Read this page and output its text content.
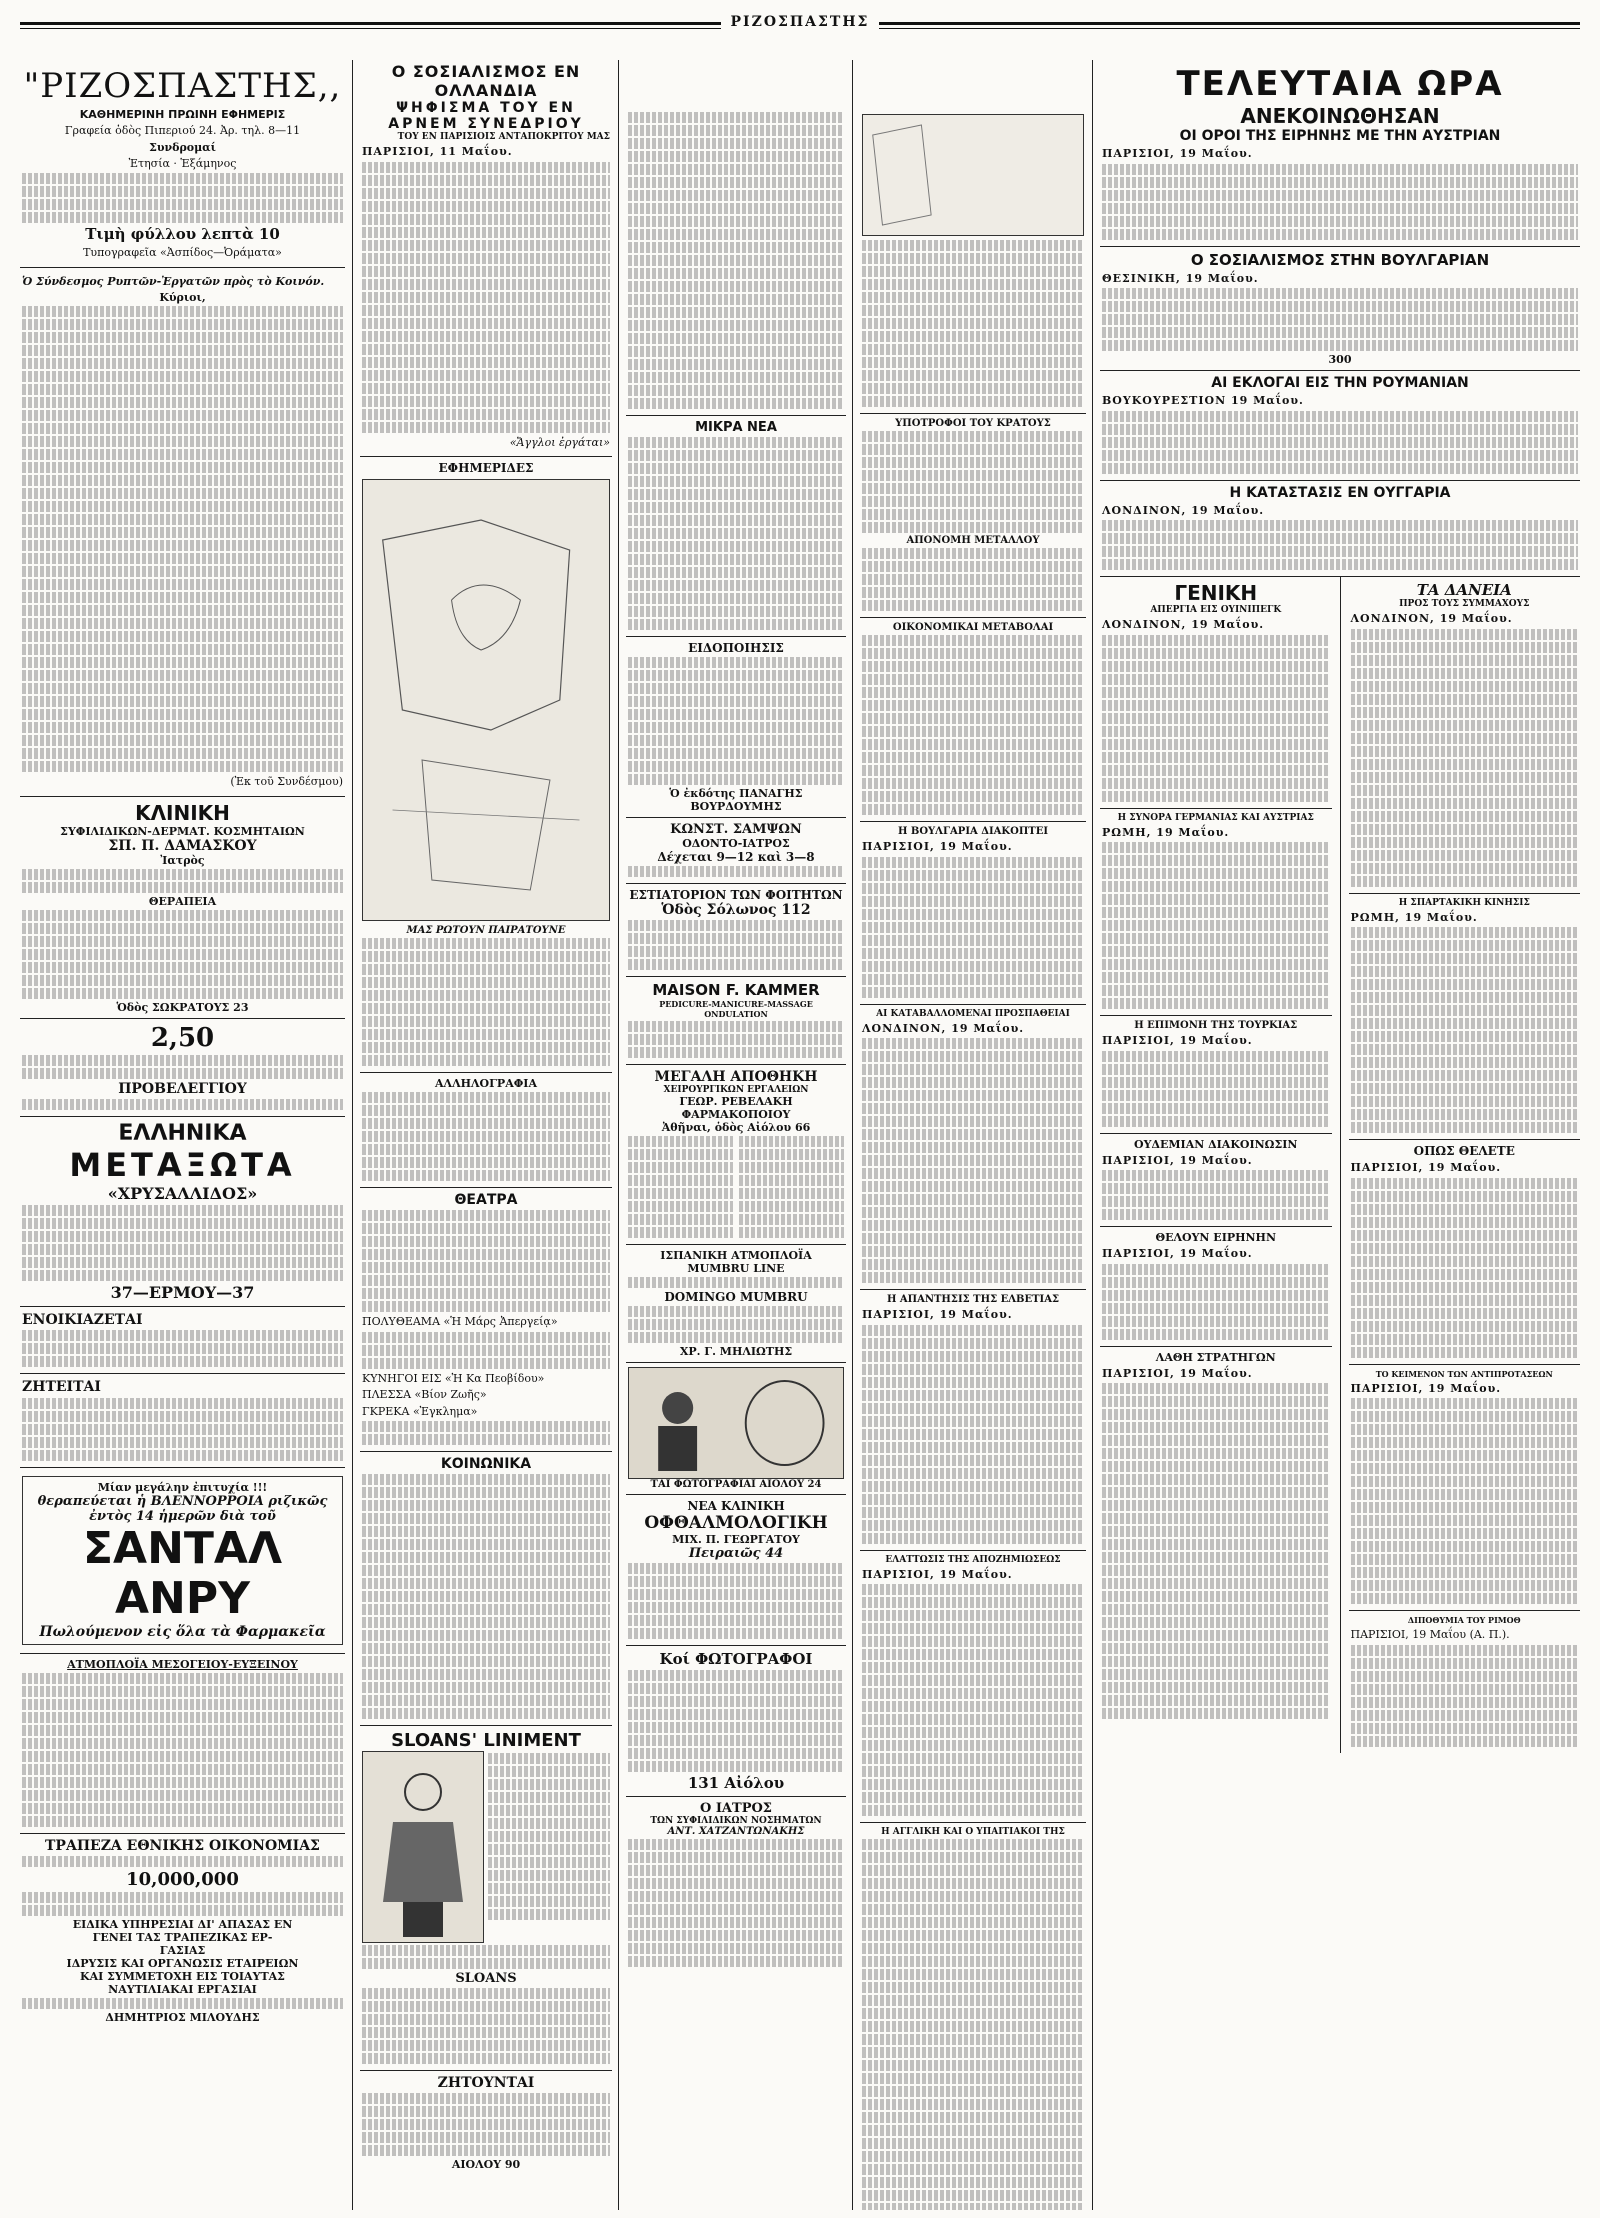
ΡΙΖΟΣΠΑΣΤΗΣ
"ΡΙΖΟΣΠΑΣΤΗΣ,,
ΚΑΘΗΜΕΡΙΝΗ ΠΡΩΙΝΗ ΕΦΗΜΕΡΙΣ
Γραφεία ὁδὸς Πιπεριού 24. Ἀρ. τηλ. 8—11
Συνδρομαί
Ἐτησία · Ἑξάμηνος
Τιμὴ φύλλου λεπτὰ 10
Τυπογραφεῖα «Ἀσπίδος—Ὀράματα»
Ὁ Σύνδεσμος Ρυπτῶν-Ἐργατῶν πρὸς τὸ Κοινόν.
Κύριοι,
(Ἐκ τοῦ Συνδέσμου)
ΚΛΙΝΙΚΗ
ΣΥΦΙΛΙΔΙΚΩΝ-ΔΕΡΜΑΤ. ΚΟΣΜΗΤΑΙΩΝ
ΣΠ. Π. ΔΑΜΑΣΚΟΥ
Ἰατρὸς
ΘΕΡΑΠΕΙΑ
Ὁδὸς ΣΩΚΡΑΤΟΥΣ 23
2,50
ΠΡΟΒΕΛΕΓΓΙΟΥ
ΕΛΛΗΝΙΚΑ
ΜΕΤΑΞΩΤΑ
«ΧΡΥΣΑΛΛΙΔΟΣ»
37—ΕΡΜΟΥ—37
ΕΝΟΙΚΙΑΖΕΤΑΙ
ΖΗΤΕΙΤΑΙ
Μίαν μεγάλην ἐπιτυχία !!!
θεραπεύεται ἡ ΒΛΕΝΝΟΡΡΟΙΑ ριζικῶς ἐντὸς 14 ἡμερῶν διὰ τοῦ
ΣΑΝΤΑΛ ΑΝΡΥ
Πωλούμενον εἰς ὅλα τὰ Φαρμακεῖα
ΑΤΜΟΠΛΟΪΑ ΜΕΣΟΓΕΙΟΥ-ΕΥΞΕΙΝΟΥ
ΤΡΑΠΕΖΑ ΕΘΝΙΚΗΣ ΟΙΚΟΝΟΜΙΑΣ
10,000,000
ΕΙΔΙΚΑ ΥΠΗΡΕΣΙΑΙ ΔΙ' ΑΠΑΣΑΣ ΕΝ
ΓΕΝΕΙ ΤΑΣ ΤΡΑΠΕΖΙΚΑΣ ΕΡ-
ΓΑΣΙΑΣ
ΙΔΡΥΣΙΣ ΚΑΙ ΟΡΓΑΝΩΣΙΣ ΕΤΑΙΡΕΙΩΝ
ΚΑΙ ΣΥΜΜΕΤΟΧΗ ΕΙΣ ΤΟΙΑΥΤΑΣ
ΝΑΥΤΙΛΙΑΚΑΙ ΕΡΓΑΣΙΑΙ
ΔΗΜΗΤΡΙΟΣ ΜΙΛΟΥΔΗΣ
Ο ΣΟΣΙΑΛΙΣΜΟΣ ΕΝ ΟΛΛΑΝΔΙΑ
ΨΗΦΙΣΜΑ ΤΟΥ ΕΝ ΑΡΝΕΜ ΣΥΝΕΔΡΙΟΥ
ΤΟΥ ΕΝ ΠΑΡΙΣΙΟΙΣ ΑΝΤΑΠΟΚΡΙΤΟΥ ΜΑΣ
ΠΑΡΙΣΙΟΙ, 11 Μαΐου.
«Ἄγγλοι ἐργάται»
ΕΦΗΜΕΡΙΔΕΣ
ΜΑΣ ΡΩΤΟΥΝ ΠΑΙΡΑΤΟΥΝΕ
ΑΛΛΗΛΟΓΡΑΦΙΑ
ΘΕΑΤΡΑ
ΠΟΛΥΘΕΑΜΑ «Ἡ Μάρς Ἀπεργείᾳ»
ΚΥΝΗΓΟΙ ΕΙΣ «Ἡ Κα Πεοβίδου»
ΠΛΕΣΣΑ «Βίον Ζωῆς»
ΓΚΡΕΚΑ «Ἐγκλημα»
ΚΟΙΝΩΝΙΚΑ
SLOANS' LINIMENT
SLOANS
ΖΗΤΟΥΝΤΑΙ
ΑΙΟΛΟΥ 90
ΜΙΚΡΑ ΝΕΑ
ΕΙΔΟΠΟΙΗΣΙΣ
Ὁ ἐκδότης ΠΑΝΑΓΗΣ ΒΟΥΡΔΟΥΜΗΣ
ΚΩΝΣΤ. ΣΑΜΨΩΝ
ΟΔΟΝΤΟ-ΙΑΤΡΟΣ
Δέχεται 9—12 καὶ 3—8
ΕΣΤΙΑΤΟΡΙΟΝ ΤΩΝ ΦΟΙΤΗΤΩΝ
Ὁδὸς Σόλωνος 112
MAISON F. KAMMER
PEDICURE-MANICURE-MASSAGE ONDULATION
ΜΕΓΑΛΗ ΑΠΟΘΗΚΗ
ΧΕΙΡΟΥΡΓΙΚΩΝ ΕΡΓΑΛΕΙΩΝ
ΓΕΩΡ. ΡΕΒΕΛΑΚΗ
ΦΑΡΜΑΚΟΠΟΙΟΥ
Ἀθῆναι, ὁδὸς Αἰόλου 66
ΙΣΠΑΝΙΚΗ ΑΤΜΟΠΛΟΪΑ MUMBRU LINE
DOMINGO MUMBRU
ΧΡ. Γ. ΜΗΛΙΩΤΗΣ
ΤΑΙ ΦΩΤΟΓΡΑΦΙΑΙ ΑΙΟΛΟΥ 24
ΝΕΑ ΚΛΙΝΙΚΗ
ΟΦΘΑΛΜΟΛΟΓΙΚΗ
ΜΙΧ. Π. ΓΕΩΡΓΑΤΟΥ
Πειραιῶς 44
Κοί ΦΩΤΟΓΡΑΦΟΙ
131 Αἰόλου
Ο ΙΑΤΡΟΣ
ΤΩΝ ΣΥΦΙΛΙΔΙΚΩΝ ΝΟΣΗΜΑΤΩΝ
ΑΝΤ. ΧΑΤΖΑΝΤΩΝΑΚΗΣ
ΥΠΟΤΡΟΦΟΙ ΤΟΥ ΚΡΑΤΟΥΣ
ΑΠΟΝΟΜΗ ΜΕΤΑΛΛΟΥ
ΟΙΚΟΝΟΜΙΚΑΙ ΜΕΤΑΒΟΛΑΙ
Η ΒΟΥΛΓΑΡΙΑ ΔΙΑΚΟΠΤΕΙ
ΠΑΡΙΣΙΟΙ, 19 Μαΐου.
ΑΙ ΚΑΤΑΒΑΛΛΟΜΕΝΑΙ ΠΡΟΣΠΑΘΕΙΑΙ
ΛΟΝΔΙΝΟΝ, 19 Μαΐου.
Η ΑΠΑΝΤΗΣΙΣ ΤΗΣ ΕΛΒΕΤΙΑΣ
ΠΑΡΙΣΙΟΙ, 19 Μαΐου.
ΕΛΑΤΤΩΣΙΣ ΤΗΣ ΑΠΟΖΗΜΙΩΣΕΩΣ
ΠΑΡΙΣΙΟΙ, 19 Μαΐου.
Η ΑΓΓΛΙΚΗ ΚΑΙ Ο ΥΠΑΙΤΙΑΚΟΙ ΤΗΣ
ΤΕΛΕΥΤΑΙΑ ΩΡΑ
ΑΝΕΚΟΙΝΩΘΗΣΑΝ
ΟΙ ΟΡΟΙ ΤΗΣ ΕΙΡΗΝΗΣ ΜΕ ΤΗΝ ΑΥΣΤΡΙΑΝ
ΠΑΡΙΣΙΟΙ, 19 Μαΐου.
Ο ΣΟΣΙΑΛΙΣΜΟΣ ΣΤΗΝ ΒΟΥΛΓΑΡΙΑΝ
ΘΕΣΙΝΙΚΗ, 19 Μαΐου.
300
ΑΙ ΕΚΛΟΓΑΙ ΕΙΣ ΤΗΝ ΡΟΥΜΑΝΙΑΝ
ΒΟΥΚΟΥΡΕΣΤΙΟΝ 19 Μαΐου.
Η ΚΑΤΑΣΤΑΣΙΣ ΕΝ ΟΥΓΓΑΡΙΑ
ΛΟΝΔΙΝΟΝ, 19 Μαΐου.
ΓΕΝΙΚΗ
ΑΠΕΡΓΙΑ ΕΙΣ ΟΥΙΝΙΠΕΓΚ
ΛΟΝΔΙΝΟΝ, 19 Μαΐου.
Η ΣΥΝΟΡΑ ΓΕΡΜΑΝΙΑΣ ΚΑΙ ΑΥΣΤΡΙΑΣ
ΡΩΜΗ, 19 Μαΐου.
Η ΕΠΙΜΟΝΗ ΤΗΣ ΤΟΥΡΚΙΑΣ
ΠΑΡΙΣΙΟΙ, 19 Μαΐου.
ΟΥΔΕΜΙΑΝ ΔΙΑΚΟΙΝΩΣΙΝ
ΠΑΡΙΣΙΟΙ, 19 Μαΐου.
ΘΕΛΟΥΝ ΕΙΡΗΝΗΝ
ΠΑΡΙΣΙΟΙ, 19 Μαΐου.
ΛΑΘΗ ΣΤΡΑΤΗΓΩΝ
ΠΑΡΙΣΙΟΙ, 19 Μαΐου.
ΤΑ ΔΑΝΕΙΑ
ΠΡΟΣ ΤΟΥΣ ΣΥΜΜΑΧΟΥΣ
ΛΟΝΔΙΝΟΝ, 19 Μαΐου.
Η ΣΠΑΡΤΑΚΙΚΗ ΚΙΝΗΣΙΣ
ΡΩΜΗ, 19 Μαΐου.
ΟΠΩΣ ΘΕΛΕΤΕ
ΠΑΡΙΣΙΟΙ, 19 Μαΐου.
ΤΟ ΚΕΙΜΕΝΟΝ ΤΩΝ ΑΝΤΙΠΡΟΤΑΣΕΩΝ
ΠΑΡΙΣΙΟΙ, 19 Μαΐου.
ΔΙΠΟΘΥΜΙΑ ΤΟΥ ΡΙΜΟΘ
ΠΑΡΙΣΙΟΙ, 19 Μαΐου (Α. Π.).
